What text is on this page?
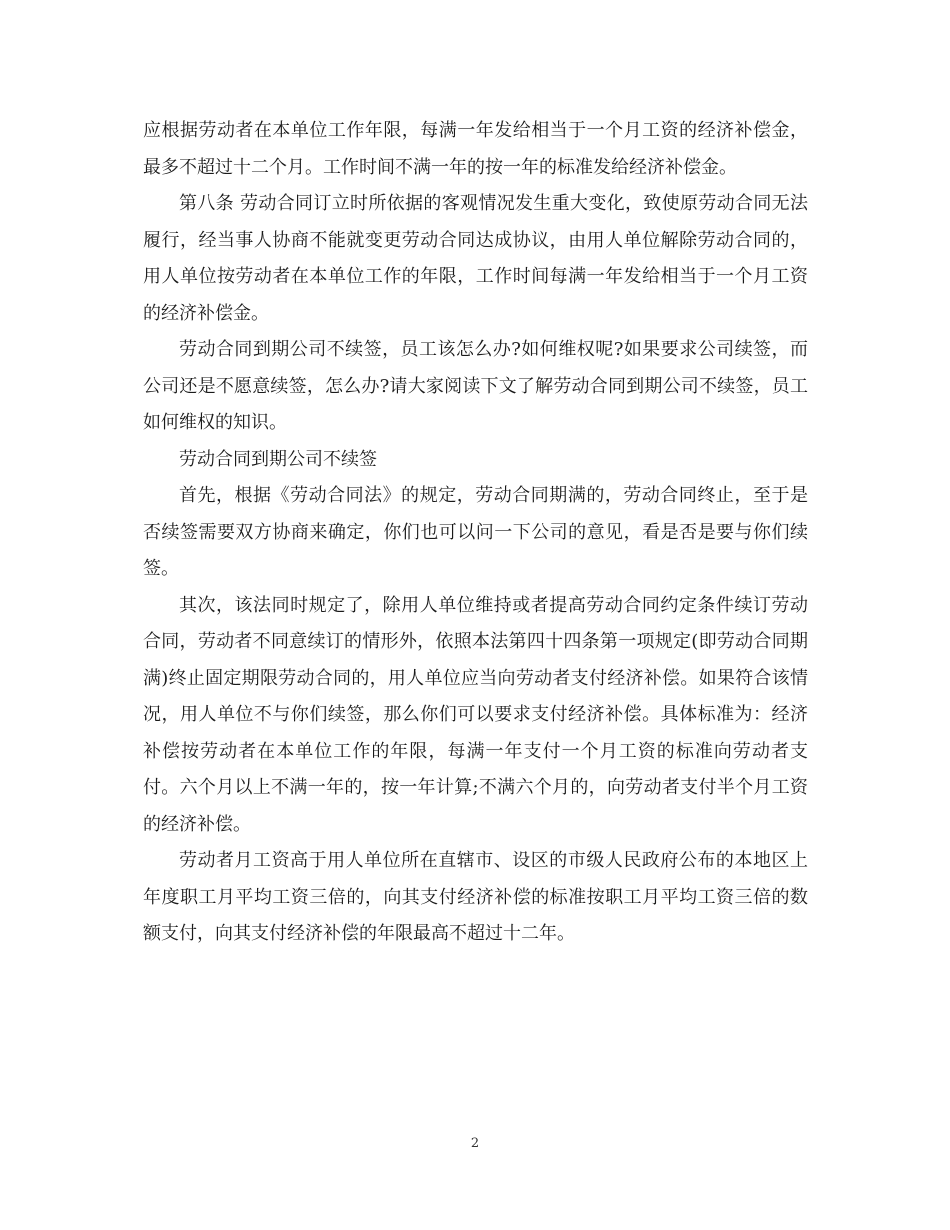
应根据劳动者在本单位工作年限，每满一年发给相当于一个月工资的经济补偿金，最多不超过十二个月。工作时间不满一年的按一年的标准发给经济补偿金。

第八条 劳动合同订立时所依据的客观情况发生重大变化，致使原劳动合同无法履行，经当事人协商不能就变更劳动合同达成协议，由用人单位解除劳动合同的，用人单位按劳动者在本单位工作的年限，工作时间每满一年发给相当于一个月工资的经济补偿金。

劳动合同到期公司不续签，员工该怎么办?如何维权呢?如果要求公司续签，而公司还是不愿意续签，怎么办?请大家阅读下文了解劳动合同到期公司不续签，员工如何维权的知识。

劳动合同到期公司不续签

首先，根据《劳动合同法》的规定，劳动合同期满的，劳动合同终止，至于是否续签需要双方协商来确定，你们也可以问一下公司的意见，看是否是要与你们续签。

其次，该法同时规定了，除用人单位维持或者提高劳动合同约定条件续订劳动合同，劳动者不同意续订的情形外，依照本法第四十四条第一项规定(即劳动合同期满)终止固定期限劳动合同的，用人单位应当向劳动者支付经济补偿。如果符合该情况，用人单位不与你们续签，那么你们可以要求支付经济补偿。具体标准为：经济补偿按劳动者在本单位工作的年限，每满一年支付一个月工资的标准向劳动者支付。六个月以上不满一年的，按一年计算;不满六个月的，向劳动者支付半个月工资的经济补偿。

劳动者月工资高于用人单位所在直辖市、设区的市级人民政府公布的本地区上年度职工月平均工资三倍的，向其支付经济补偿的标准按职工月平均工资三倍的数额支付，向其支付经济补偿的年限最高不超过十二年。

2
